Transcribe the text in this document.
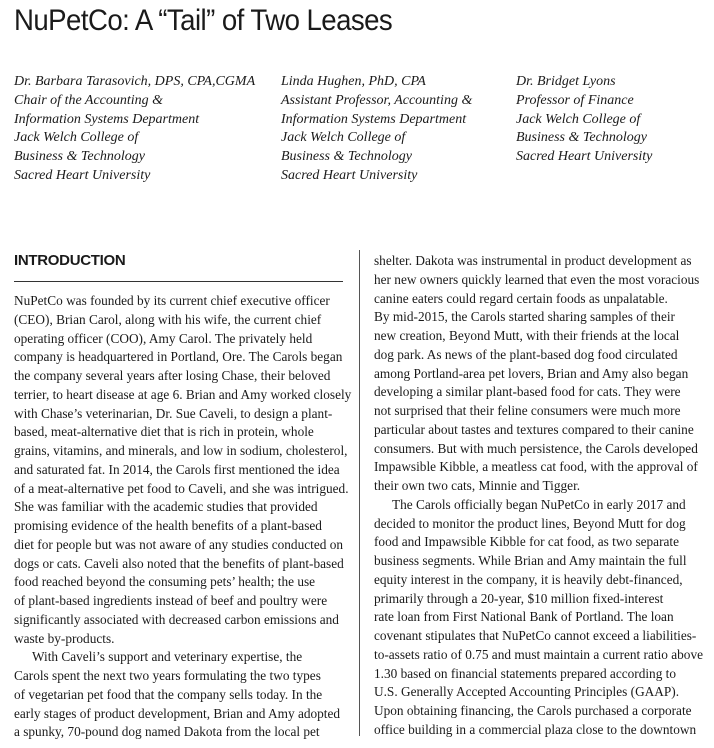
NuPetCo: A “Tail” of Two Leases
Dr. Barbara Tarasovich, DPS, CPA,CGMA
Chair of the Accounting &
Information Systems Department
Jack Welch College of
Business & Technology
Sacred Heart University
Linda Hughen, PhD, CPA
Assistant Professor, Accounting &
Information Systems Department
Jack Welch College of
Business & Technology
Sacred Heart University
Dr. Bridget Lyons
Professor of Finance
Jack Welch College of
Business & Technology
Sacred Heart University
INTRODUCTION
NuPetCo was founded by its current chief executive officer
(CEO), Brian Carol, along with his wife, the current chief
operating officer (COO), Amy Carol. The privately held
company is headquartered in Portland, Ore. The Carols began
the company several years after losing Chase, their beloved
terrier, to heart disease at age 6. Brian and Amy worked closely
with Chase’s veterinarian, Dr. Sue Caveli, to design a plant-
based, meat-alternative diet that is rich in protein, whole
grains, vitamins, and minerals, and low in sodium, cholesterol,
and saturated fat. In 2014, the Carols first mentioned the idea
of a meat-alternative pet food to Caveli, and she was intrigued.
She was familiar with the academic studies that provided
promising evidence of the health benefits of a plant-based
diet for people but was not aware of any studies conducted on
dogs or cats. Caveli also noted that the benefits of plant-based
food reached beyond the consuming pets’ health; the use
of plant-based ingredients instead of beef and poultry were
significantly associated with decreased carbon emissions and
waste by-products.
With Caveli’s support and veterinary expertise, the
Carols spent the next two years formulating the two types
of vegetarian pet food that the company sells today. In the
early stages of product development, Brian and Amy adopted
a spunky, 70-pound dog named Dakota from the local pet
shelter. Dakota was instrumental in product development as
her new owners quickly learned that even the most voracious
canine eaters could regard certain foods as unpalatable.
By mid-2015, the Carols started sharing samples of their
new creation, Beyond Mutt, with their friends at the local
dog park. As news of the plant-based dog food circulated
among Portland-area pet lovers, Brian and Amy also began
developing a similar plant-based food for cats. They were
not surprised that their feline consumers were much more
particular about tastes and textures compared to their canine
consumers. But with much persistence, the Carols developed
Impawsible Kibble, a meatless cat food, with the approval of
their own two cats, Minnie and Tigger.
The Carols officially began NuPetCo in early 2017 and
decided to monitor the product lines, Beyond Mutt for dog
food and Impawsible Kibble for cat food, as two separate
business segments. While Brian and Amy maintain the full
equity interest in the company, it is heavily debt-financed,
primarily through a 20-year, $10 million fixed-interest
rate loan from First National Bank of Portland. The loan
covenant stipulates that NuPetCo cannot exceed a liabilities-
to-assets ratio of 0.75 and must maintain a current ratio above
1.30 based on financial statements prepared according to
U.S. Generally Accepted Accounting Principles (GAAP).
Upon obtaining financing, the Carols purchased a corporate
office building in a commercial plaza close to the downtown
